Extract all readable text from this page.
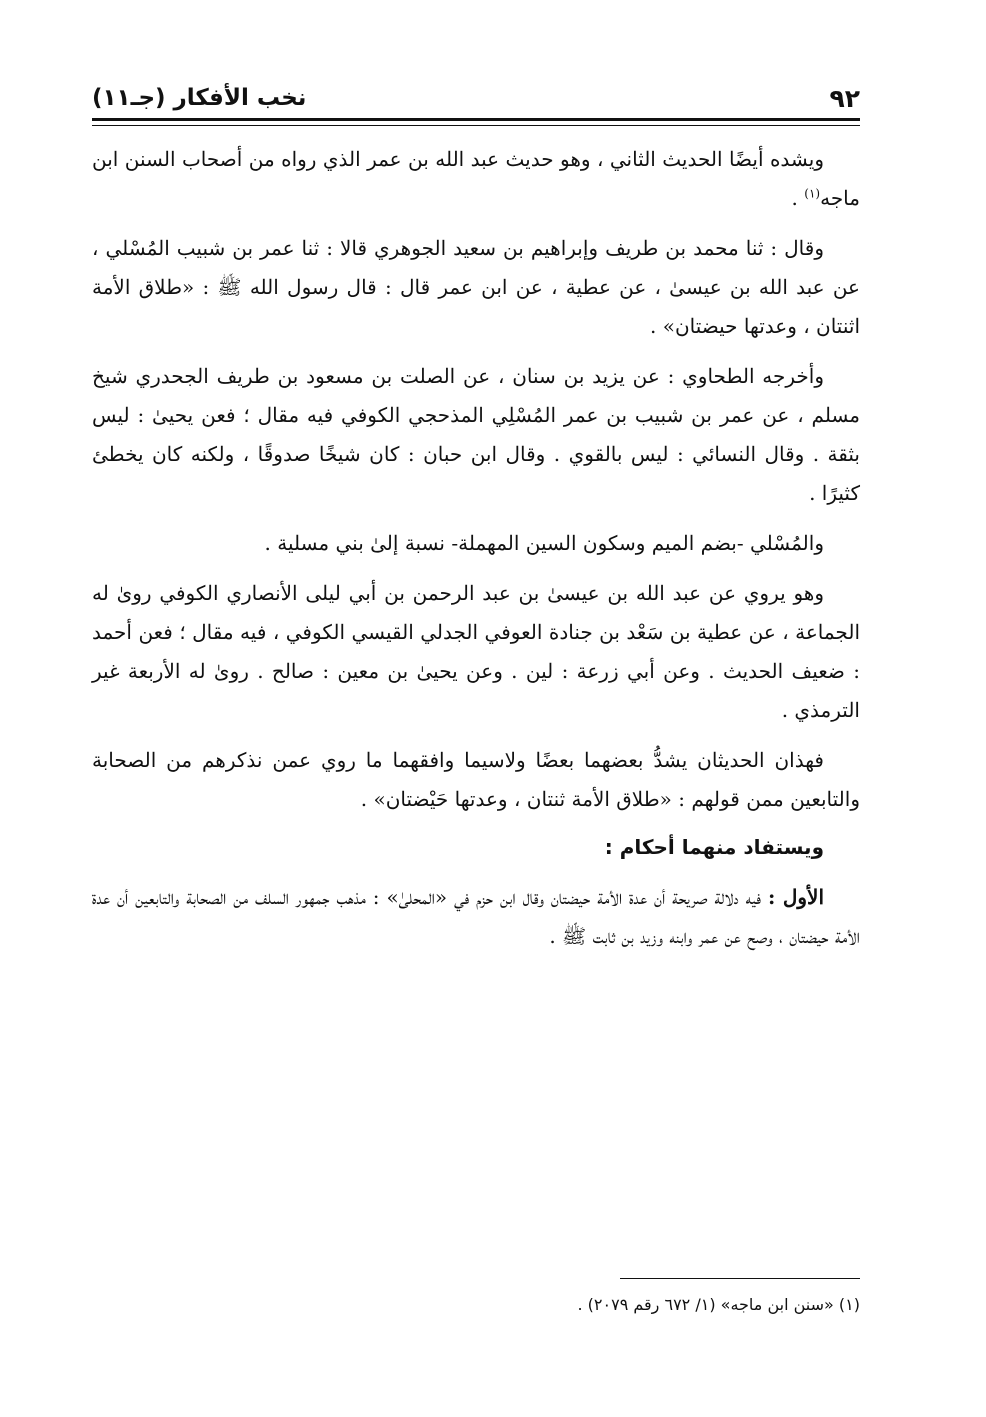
٩٢
نخب الأفكار (جـ١١)

ويشده أيضًا الحديث الثاني ، وهو حديث عبد الله بن عمر الذي رواه من أصحاب السنن ابن ماجه$^{(١)}$ .

وقال : ثنا محمد بن طريف وإبراهيم بن سعيد الجوهري قالا : ثنا عمر بن شبيب المُسْلي ، عن عبد الله بن عيسىٰ ، عن عطية ، عن ابن عمر قال : قال رسول الله ﷺ : «طلاق الأمة اثنتان ، وعدتها حيضتان» .

وأخرجه الطحاوي : عن يزيد بن سنان ، عن الصلت بن مسعود بن طريف الجحدري شيخ مسلم ، عن عمر بن شبيب بن عمر المُسْلِي المذحجي الكوفي فيه مقال ؛ فعن يحيىٰ : ليس بثقة . وقال النسائي : ليس بالقوي . وقال ابن حبان : كان شيخًا صدوقًا ، ولكنه كان يخطئ كثيرًا .

والمُسْلي -بضم الميم وسكون السين المهملة- نسبة إلىٰ بني مسلية .

وهو يروي عن عبد الله بن عيسىٰ بن عبد الرحمن بن أبي ليلى الأنصاري الكوفي روىٰ له الجماعة ، عن عطية بن سَعْد بن جنادة العوفي الجدلي القيسي الكوفي ، فيه مقال ؛ فعن أحمد : ضعيف الحديث . وعن أبي زرعة : لين . وعن يحيىٰ بن معين : صالح . روىٰ له الأربعة غير الترمذي .

فهذان الحديثان يشدُّ بعضهما بعضًا ولاسيما وافقهما ما روي عمن نذكرهم من الصحابة والتابعين ممن قولهم : «طلاق الأمة ثنتان ، وعدتها حَيْضتان» .

ويستفاد منهما أحكام :

الأول : فيه دلالة صريحة أن عدة الأمة حيضتان وقال ابن حزم في «المحلىٰ» : مذهب جمهور السلف من الصحابة والتابعين أن عدة الأمة حيضتان ، وصح عن عمر وابنه وزيد بن ثابت ﷺ .

(١) «سنن ابن ماجه» (١/ ٦٧٢ رقم ٢٠٧٩) .
